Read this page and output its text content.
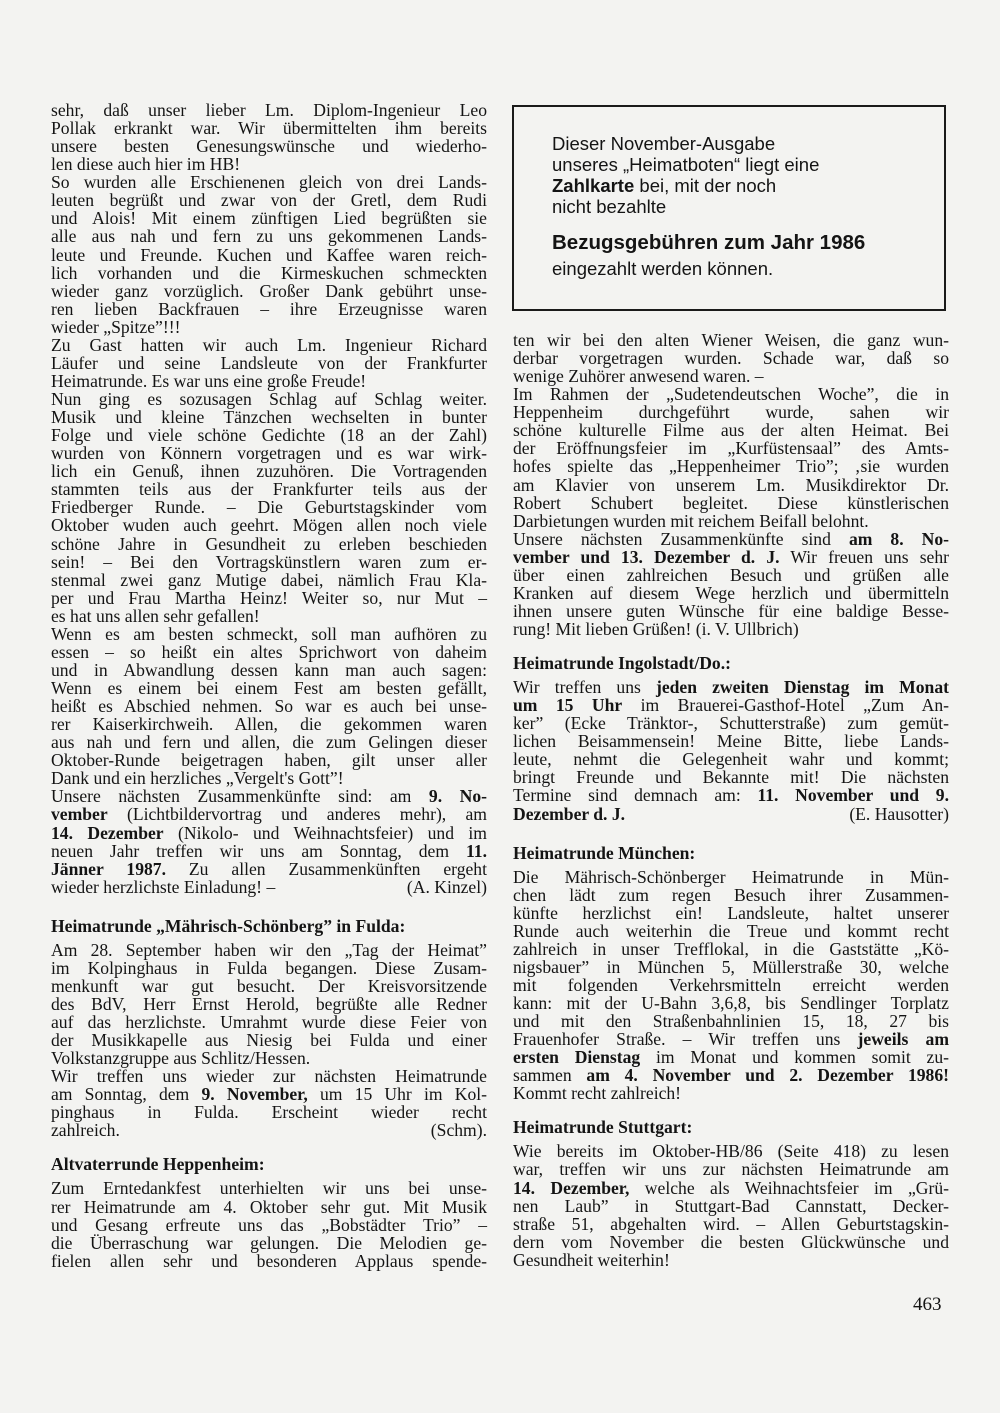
Dieser November-Ausgabe
unseres „Heimatboten“ liegt eine
Zahlkarte bei, mit der noch
nicht bezahlte
Bezugsgebühren zum Jahr 1986
eingezahlt werden können.
sehr, daß unser lieber Lm. Diplom-Ingenieur Leo
Pollak erkrankt war. Wir übermittelten ihm bereits
unsere besten Genesungswünsche und wiederho-
len diese auch hier im HB!
So wurden alle Erschienenen gleich von drei Lands-
leuten begrüßt und zwar von der Gretl, dem Rudi
und Alois! Mit einem zünftigen Lied begrüßten sie
alle aus nah und fern zu uns gekommenen Lands-
leute und Freunde. Kuchen und Kaffee waren reich-
lich vorhanden und die Kirmeskuchen schmeckten
wieder ganz vorzüglich. Großer Dank gebührt unse-
ren lieben Backfrauen – ihre Erzeugnisse waren
wieder „Spitze”!!!
Zu Gast hatten wir auch Lm. Ingenieur Richard
Läufer und seine Landsleute von der Frankfurter
Heimatrunde. Es war uns eine große Freude!
Nun ging es sozusagen Schlag auf Schlag weiter.
Musik und kleine Tänzchen wechselten in bunter
Folge und viele schöne Gedichte (18 an der Zahl)
wurden von Könnern vorgetragen und es war wirk-
lich ein Genuß, ihnen zuzuhören. Die Vortragenden
stammten teils aus der Frankfurter teils aus der
Friedberger Runde. – Die Geburtstagskinder vom
Oktober wuden auch geehrt. Mögen allen noch viele
schöne Jahre in Gesundheit zu erleben beschieden
sein! – Bei den Vortragskünstlern waren zum er-
stenmal zwei ganz Mutige dabei, nämlich Frau Kla-
per und Frau Martha Heinz! Weiter so, nur Mut –
es hat uns allen sehr gefallen!
Wenn es am besten schmeckt, soll man aufhören zu
essen – so heißt ein altes Sprichwort von daheim
und in Abwandlung dessen kann man auch sagen:
Wenn es einem bei einem Fest am besten gefällt,
heißt es Abschied nehmen. So war es auch bei unse-
rer Kaiserkirchweih. Allen, die gekommen waren
aus nah und fern und allen, die zum Gelingen dieser
Oktober-Runde beigetragen haben, gilt unser aller
Dank und ein herzliches „Vergelt's Gott”!
Unsere nächsten Zusammenkünfte sind: am 9. No-
vember (Lichtbildervortrag und anderes mehr), am
14. Dezember (Nikolo- und Weihnachtsfeier) und im
neuen Jahr treffen wir uns am Sonntag, dem 11.
Jänner 1987. Zu allen Zusammenkünften ergeht
wieder herzlichste Einladung! –	(A. Kinzel)
Heimatrunde „Mährisch-Schönberg” in Fulda:
Am 28. September haben wir den „Tag der Heimat”
im Kolpinghaus in Fulda begangen. Diese Zusam-
menkunft war gut besucht. Der Kreisvorsitzende
des BdV, Herr Ernst Herold, begrüßte alle Redner
auf das herzlichste. Umrahmt wurde diese Feier von
der Musikkapelle aus Niesig bei Fulda und einer
Volkstanzgruppe aus Schlitz/Hessen.
Wir treffen uns wieder zur nächsten Heimatrunde
am Sonntag, dem 9. November, um 15 Uhr im Kol-
pinghaus in Fulda. Erscheint wieder recht
zahlreich.	(Schm).
Altvaterrunde Heppenheim:
Zum Erntedankfest unterhielten wir uns bei unse-
rer Heimatrunde am 4. Oktober sehr gut. Mit Musik
und Gesang erfreute uns das „Bobstädter Trio” –
die Überraschung war gelungen. Die Melodien ge-
fielen allen sehr und besonderen Applaus spende-
ten wir bei den alten Wiener Weisen, die ganz wun-
derbar vorgetragen wurden. Schade war, daß so
wenige Zuhörer anwesend waren. –
Im Rahmen der „Sudetendeutschen Woche”, die in
Heppenheim durchgeführt wurde, sahen wir
schöne kulturelle Filme aus der alten Heimat. Bei
der Eröffnungsfeier im „Kurfüstensaal” des Amts-
hofes spielte das „Heppenheimer Trio”; ‚sie wurden
am Klavier von unserem Lm. Musikdirektor Dr.
Robert Schubert begleitet. Diese künstlerischen
Darbietungen wurden mit reichem Beifall belohnt.
Unsere nächsten Zusammenkünfte sind am 8. No-
vember und 13. Dezember d. J. Wir freuen uns sehr
über einen zahlreichen Besuch und grüßen alle
Kranken auf diesem Wege herzlich und übermitteln
ihnen unsere guten Wünsche für eine baldige Besse-
rung! Mit lieben Grüßen! (i. V. Ullbrich)
Heimatrunde Ingolstadt/Do.:
Wir treffen uns jeden zweiten Dienstag im Monat
um 15 Uhr im Brauerei-Gasthof-Hotel „Zum An-
ker” (Ecke Tränktor-, Schutterstraße) zum gemüt-
lichen Beisammensein! Meine Bitte, liebe Lands-
leute, nehmt die Gelegenheit wahr und kommt;
bringt Freunde und Bekannte mit! Die nächsten
Termine sind demnach am: 11. November und 9.
Dezember d. J.	(E. Hausotter)
Heimatrunde München:
Die Mährisch-Schönberger Heimatrunde in Mün-
chen lädt zum regen Besuch ihrer Zusammen-
künfte herzlichst ein! Landsleute, haltet unserer
Runde auch weiterhin die Treue und kommt recht
zahlreich in unser Trefflokal, in die Gaststätte „Kö-
nigsbauer” in München 5, Müllerstraße 30, welche
mit folgenden Verkehrsmitteln erreicht werden
kann: mit der U-Bahn 3,6,8, bis Sendlinger Torplatz
und mit den Straßenbahnlinien 15, 18, 27 bis
Frauenhofer Straße. – Wir treffen uns jeweils am
ersten Dienstag im Monat und kommen somit zu-
sammen am 4. November und 2. Dezember 1986!
Kommt recht zahlreich!
Heimatrunde Stuttgart:
Wie bereits im Oktober-HB/86 (Seite 418) zu lesen
war, treffen wir uns zur nächsten Heimatrunde am
14. Dezember, welche als Weihnachtsfeier im „Grü-
nen Laub” in Stuttgart-Bad Cannstatt, Decker-
straße 51, abgehalten wird. – Allen Geburtstagskin-
dern vom November die besten Glückwünsche und
Gesundheit weiterhin!
463
